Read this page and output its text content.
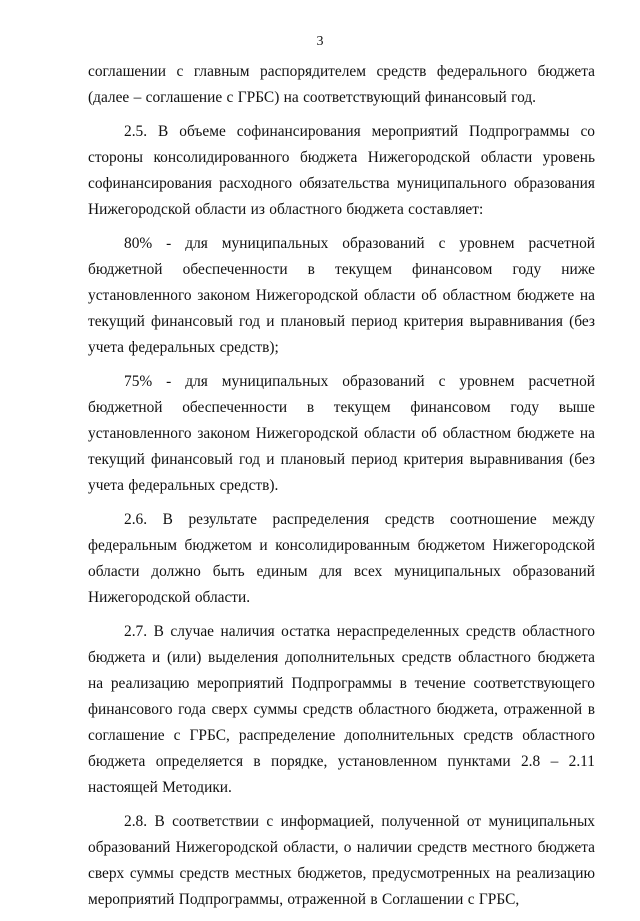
3

соглашении с главным распорядителем средств федерального бюджета (далее – соглашение с ГРБС) на соответствующий финансовый год.

2.5. В объеме софинансирования мероприятий Подпрограммы со стороны консолидированного бюджета Нижегородской области уровень софинансирования расходного обязательства муниципального образования Нижегородской области из областного бюджета составляет:

80% - для муниципальных образований с уровнем расчетной бюджетной обеспеченности в текущем финансовом году ниже установленного законом Нижегородской области об областном бюджете на текущий финансовый год и плановый период критерия выравнивания (без учета федеральных средств);

75% - для муниципальных образований с уровнем расчетной бюджетной обеспеченности в текущем финансовом году выше установленного законом Нижегородской области об областном бюджете на текущий финансовый год и плановый период критерия выравнивания (без учета федеральных средств).

2.6. В результате распределения средств соотношение между федеральным бюджетом и консолидированным бюджетом Нижегородской области должно быть единым для всех муниципальных образований Нижегородской области.

2.7. В случае наличия остатка нераспределенных средств областного бюджета и (или) выделения дополнительных средств областного бюджета на реализацию мероприятий Подпрограммы в течение соответствующего финансового года сверх суммы средств областного бюджета, отраженной в соглашение с ГРБС, распределение дополнительных средств областного бюджета определяется в порядке, установленном пунктами 2.8 – 2.11 настоящей Методики.

2.8. В соответствии с информацией, полученной от муниципальных образований Нижегородской области, о наличии средств местного бюджета сверх суммы средств местных бюджетов, предусмотренных на реализацию мероприятий Подпрограммы, отраженной в Соглашении с ГРБС,
